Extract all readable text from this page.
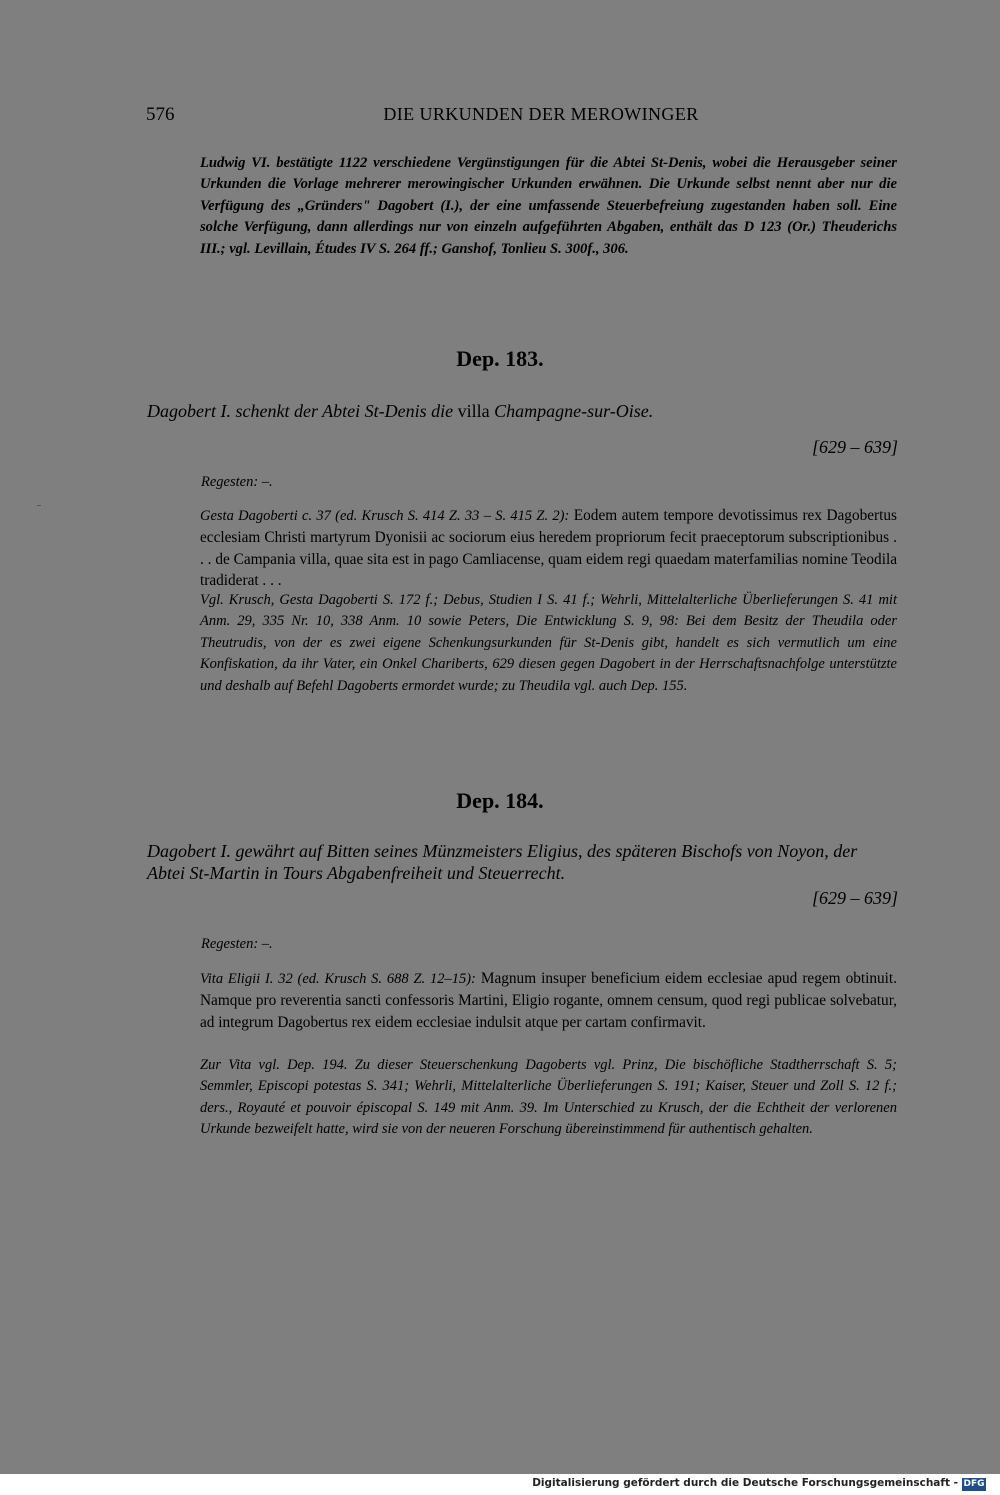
576	DIE URKUNDEN DER MEROWINGER
Ludwig VI. bestätigte 1122 verschiedene Vergünstigungen für die Abtei St-Denis, wobei die Herausgeber seiner Urkunden die Vorlage mehrerer merowingischer Urkunden erwähnen. Die Urkunde selbst nennt aber nur die Verfügung des „Gründers" Dagobert (I.), der eine umfassende Steuerbefreiung zugestanden haben soll. Eine solche Verfügung, dann allerdings nur von einzeln aufgeführten Abgaben, enthält das D 123 (Or.) Theuderichs III.; vgl. Levillain, Études IV S. 264 ff.; Ganshof, Tonlieu S. 300f., 306.
Dep. 183.
Dagobert I. schenkt der Abtei St-Denis die villa Champagne-sur-Oise.
[629 – 639]
Regesten: –.
Gesta Dagoberti c. 37 (ed. Krusch S. 414 Z. 33 – S. 415 Z. 2): Eodem autem tempore devotissimus rex Dagobertus ecclesiam Christi martyrum Dyonisii ac sociorum eius heredem propriorum fecit praeceptorum subscriptionibus . . . de Campania villa, quae sita est in pago Camliacense, quam eidem regi quaedam materfamilias nomine Teodila tradiderat . . .
Vgl. Krusch, Gesta Dagoberti S. 172 f.; Debus, Studien I S. 41 f.; Wehrli, Mittelalterliche Überlieferungen S. 41 mit Anm. 29, 335 Nr. 10, 338 Anm. 10 sowie Peters, Die Entwicklung S. 9, 98: Bei dem Besitz der Theudila oder Theutrudis, von der es zwei eigene Schenkungsurkunden für St-Denis gibt, handelt es sich vermutlich um eine Konfiskation, da ihr Vater, ein Onkel Chariberts, 629 diesen gegen Dagobert in der Herrschaftsnachfolge unterstützte und deshalb auf Befehl Dagoberts ermordet wurde; zu Theudila vgl. auch Dep. 155.
Dep. 184.
Dagobert I. gewährt auf Bitten seines Münzmeisters Eligius, des späteren Bischofs von Noyon, der Abtei St-Martin in Tours Abgabenfreiheit und Steuerrecht.
[629 – 639]
Regesten: –.
Vita Eligii I. 32 (ed. Krusch S. 688 Z. 12–15): Magnum insuper beneficium eidem ecclesiae apud regem obtinuit. Namque pro reverentia sancti confessoris Martini, Eligio rogante, omnem censum, quod regi publicae solvebatur, ad integrum Dagobertus rex eidem ecclesiae indulsit atque per cartam confirmavit.
Zur Vita vgl. Dep. 194. Zu dieser Steuerschenkung Dagoberts vgl. Prinz, Die bischöfliche Stadtherrschaft S. 5; Semmler, Episcopi potestas S. 341; Wehrli, Mittelalterliche Überlieferungen S. 191; Kaiser, Steuer und Zoll S. 12 f.; ders., Royauté et pouvoir épiscopal S. 149 mit Anm. 39. Im Unterschied zu Krusch, der die Echtheit der verlorenen Urkunde bezweifelt hatte, wird sie von der neueren Forschung übereinstimmend für authentisch gehalten.
Digitalisierung gefördert durch die Deutsche Forschungsgemeinschaft - DFG
